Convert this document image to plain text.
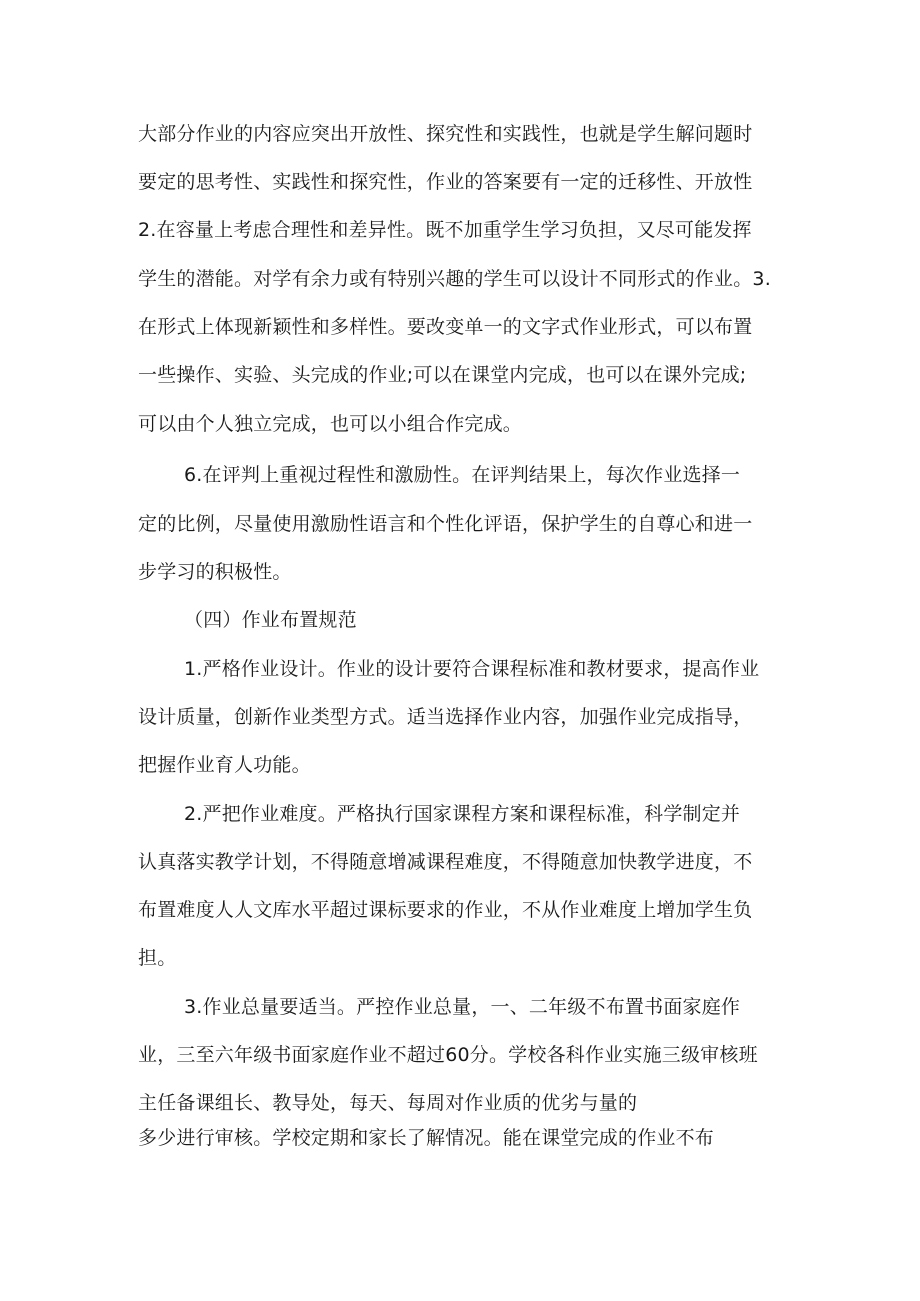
大部分作业的内容应突出开放性、探究性和实践性，也就是学生解问题时
要定的思考性、实践性和探究性，作业的答案要有一定的迁移性、开放性
2.在容量上考虑合理性和差异性。既不加重学生学习负担，又尽可能发挥
学生的潜能。对学有余力或有特别兴趣的学生可以设计不同形式的作业。3.
在形式上体现新颖性和多样性。要改变单一的文字式作业形式，可以布置
一些操作、实验、头完成的作业;可以在课堂内完成，也可以在课外完成;
可以由个人独立完成，也可以小组合作完成。
6.在评判上重视过程性和激励性。在评判结果上，每次作业选择一
定的比例，尽量使用激励性语言和个性化评语，保护学生的自尊心和进一
步学习的积极性。
（四）作业布置规范
1.严格作业设计。作业的设计要符合课程标准和教材要求，提高作业
设计质量，创新作业类型方式。适当选择作业内容，加强作业完成指导，
把握作业育人功能。
2.严把作业难度。严格执行国家课程方案和课程标准，科学制定并
认真落实教学计划，不得随意增减课程难度，不得随意加快教学进度，不
布置难度人人文库水平超过课标要求的作业，不从作业难度上增加学生负
担。
3.作业总量要适当。严控作业总量，一、二年级不布置书面家庭作
业，三至六年级书面家庭作业不超过60分。学校各科作业实施三级审核班
主任备课组长、教导处，每天、每周对作业质的优劣与量的
多少进行审核。学校定期和家长了解情况。能在课堂完成的作业不布
